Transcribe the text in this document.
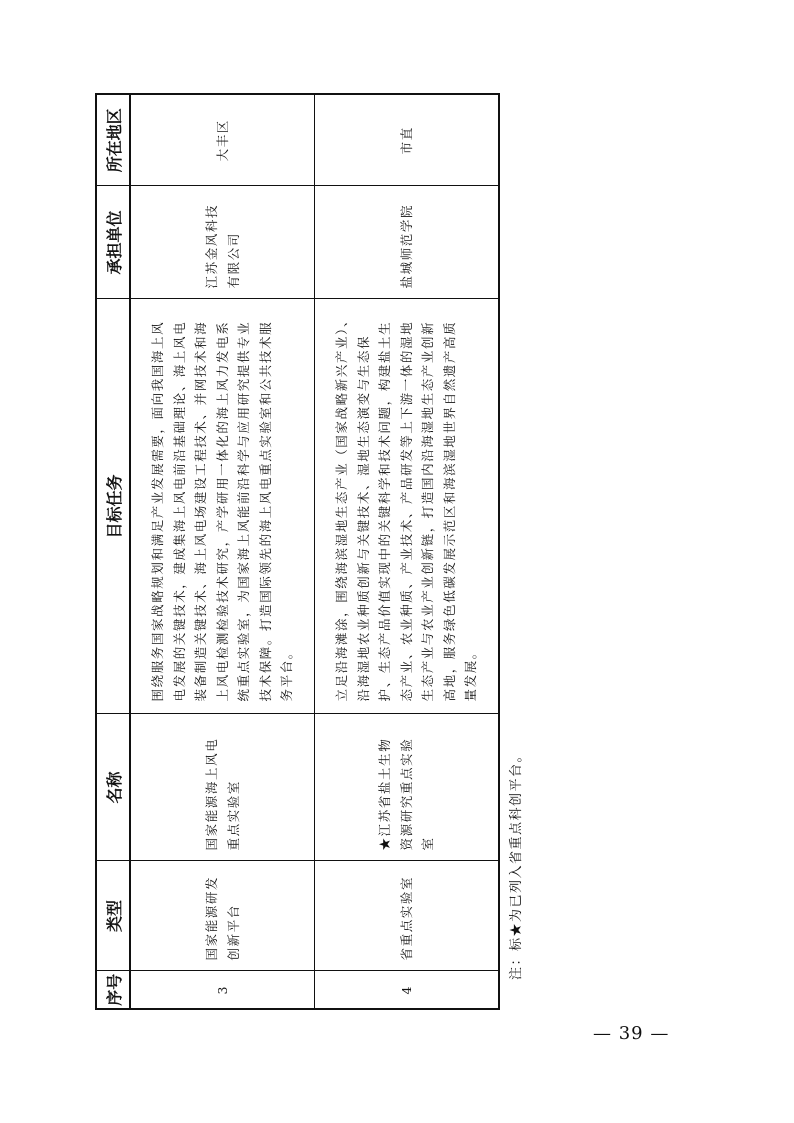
序号	类型	名称	目标任务	承担单位	所在地区
3	国家能源研发创新平台	国家能源海上风电重点实验室	围绕服务国家战略规划和满足产业发展需要，面向我国海上风电发展的关键技术，建成集海上风电前沿基础理论、海上风电装备制造关键技术、海上风电场建设工程技术、并网技术和海上风电检测检验技术研究，产学研用一体化的海上风力发电系统重点实验室，为国家海上风能前沿科学与应用研究提供专业技术保障。打造国际领先的海上风电重点实验室和公共技术服务平台。	江苏金风科技有限公司	大丰区
4	省重点实验室	★江苏省盐土生物资源研究重点实验室	立足沿海滩涂，围绕海滨湿地生态产业（国家战略新兴产业）、沿海湿地农业种质创新与关键技术、湿地生态演变与生态保护、生态产品价值实现中的关键科学和技术问题，构建盐土生态产业、农业种质、产业技术、产品研发等上下游一体的湿地生态产业与农业产业创新链，打造国内沿海湿地生态产业创新高地，服务绿色低碳发展示范区和海滨湿地世界自然遗产高质量发展。	盐城师范学院	市直
注：标★为已列入省重点科创平台。
— 39 —
